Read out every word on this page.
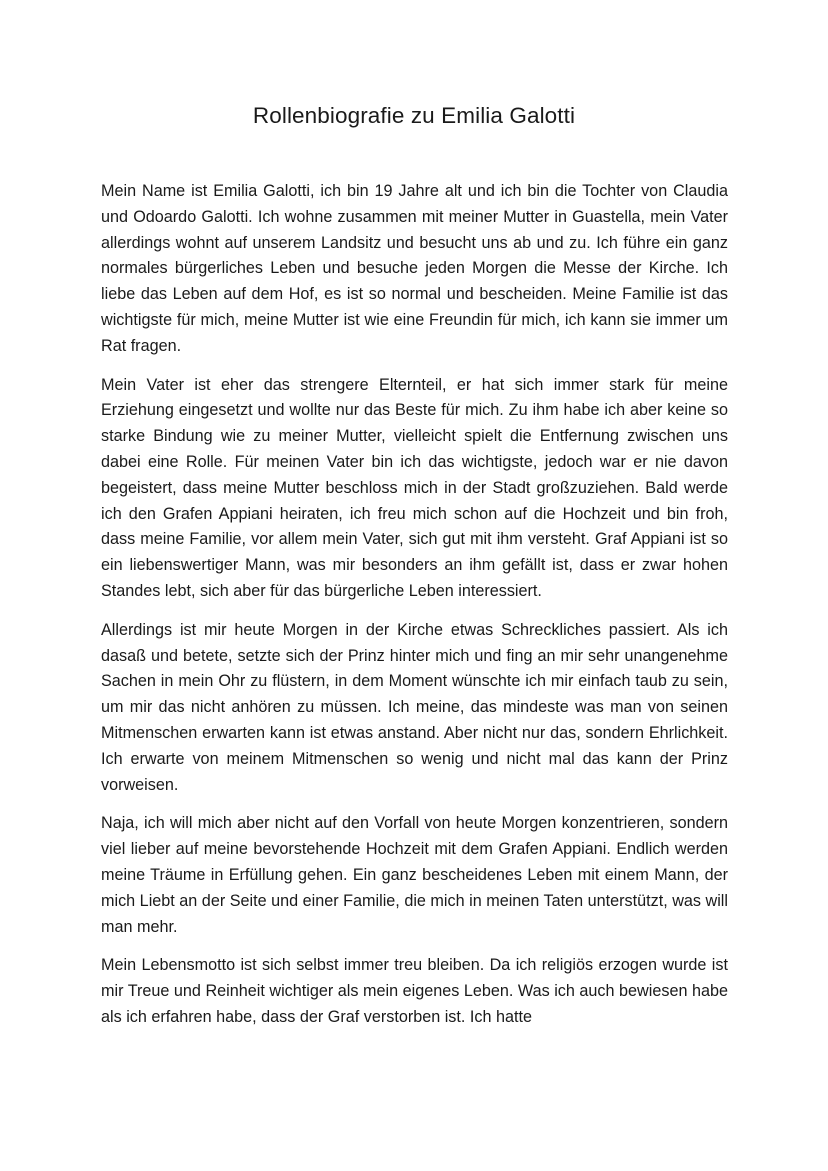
Rollenbiografie zu Emilia Galotti

Mein Name ist Emilia Galotti, ich bin 19 Jahre alt und ich bin die Tochter von Claudia und Odoardo Galotti. Ich wohne zusammen mit meiner Mutter in Guastella, mein Vater allerdings wohnt auf unserem Landsitz und besucht uns ab und zu. Ich führe ein ganz normales bürgerliches Leben und besuche jeden Morgen die Messe der Kirche. Ich liebe das Leben auf dem Hof, es ist so normal und bescheiden. Meine Familie ist das wichtigste für mich, meine Mutter ist wie eine Freundin für mich, ich kann sie immer um Rat fragen.

Mein Vater ist eher das strengere Elternteil, er hat sich immer stark für meine Erziehung eingesetzt und wollte nur das Beste für mich. Zu ihm habe ich aber keine so starke Bindung wie zu meiner Mutter, vielleicht spielt die Entfernung zwischen uns dabei eine Rolle. Für meinen Vater bin ich das wichtigste, jedoch war er nie davon begeistert, dass meine Mutter beschloss mich in der Stadt großzuziehen. Bald werde ich den Grafen Appiani heiraten, ich freu mich schon auf die Hochzeit und bin froh, dass meine Familie, vor allem mein Vater, sich gut mit ihm versteht. Graf Appiani ist so ein liebenswertiger Mann, was mir besonders an ihm gefällt ist, dass er zwar hohen Standes lebt, sich aber für das bürgerliche Leben interessiert.

Allerdings ist mir heute Morgen in der Kirche etwas Schreckliches passiert. Als ich dasaß und betete, setzte sich der Prinz hinter mich und fing an mir sehr unangenehme Sachen in mein Ohr zu flüstern, in dem Moment wünschte ich mir einfach taub zu sein, um mir das nicht anhören zu müssen. Ich meine, das mindeste was man von seinen Mitmenschen erwarten kann ist etwas anstand. Aber nicht nur das, sondern Ehrlichkeit. Ich erwarte von meinem Mitmenschen so wenig und nicht mal das kann der Prinz vorweisen.

Naja, ich will mich aber nicht auf den Vorfall von heute Morgen konzentrieren, sondern viel lieber auf meine bevorstehende Hochzeit mit dem Grafen Appiani. Endlich werden meine Träume in Erfüllung gehen. Ein ganz bescheidenes Leben mit einem Mann, der mich Liebt an der Seite und einer Familie, die mich in meinen Taten unterstützt, was will man mehr.

Mein Lebensmotto ist sich selbst immer treu bleiben. Da ich religiös erzogen wurde ist mir Treue und Reinheit wichtiger als mein eigenes Leben. Was ich auch bewiesen habe als ich erfahren habe, dass der Graf verstorben ist. Ich hatte
